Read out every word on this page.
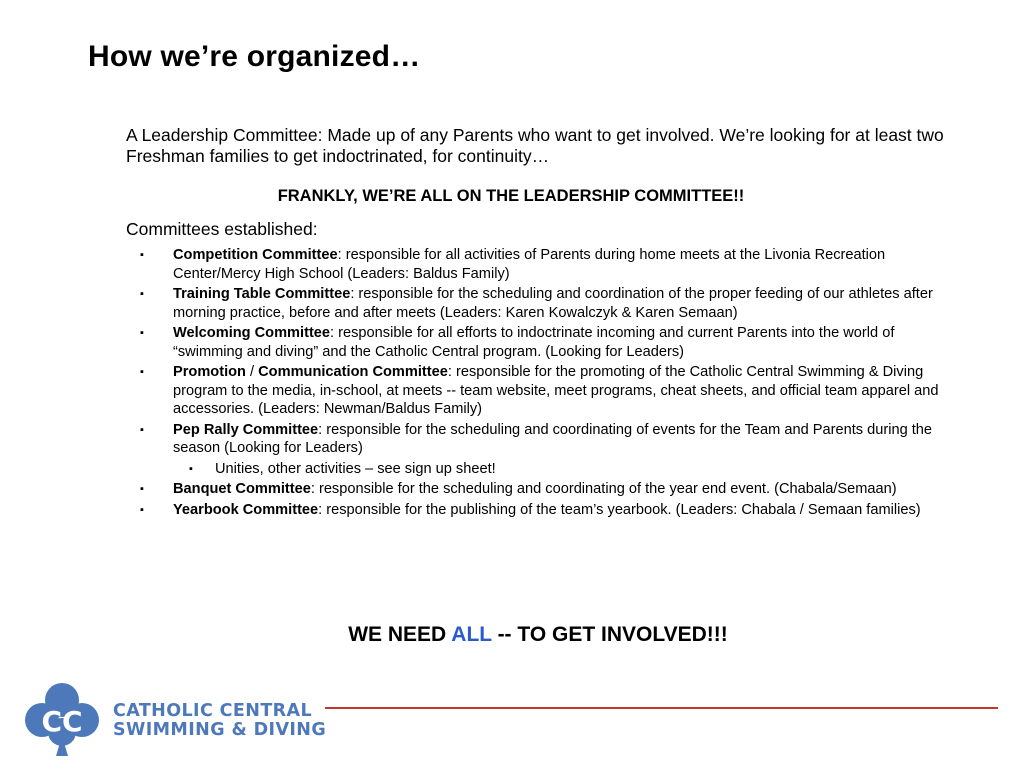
How we’re organized…
A Leadership Committee: Made up of any Parents who want to get involved. We’re looking for at least two Freshman families to get indoctrinated, for continuity…
FRANKLY, WE’RE ALL ON THE LEADERSHIP COMMITTEE!!
Committees established:
▪ Competition Committee: responsible for all activities of Parents during home meets at the Livonia Recreation Center/Mercy High School (Leaders: Baldus Family)
▪ Training Table Committee: responsible for the scheduling and coordination of the proper feeding of our athletes after morning practice, before and after meets (Leaders: Karen Kowalczyk & Karen Semaan)
▪ Welcoming Committee: responsible for all efforts to indoctrinate incoming and current Parents into the world of “swimming and diving” and the Catholic Central program. (Looking for Leaders)
▪ Promotion / Communication Committee: responsible for the promoting of the Catholic Central Swimming & Diving program to the media, in-school, at meets -- team website, meet programs, cheat sheets, and official team apparel and accessories. (Leaders: Newman/Baldus Family)
▪ Pep Rally Committee: responsible for the scheduling and coordinating of events for the Team and Parents during the season (Looking for Leaders)
▪ Unities, other activities – see sign up sheet!
▪ Banquet Committee: responsible for the scheduling and coordinating of the year end event. (Chabala/Semaan)
▪ Yearbook Committee: responsible for the publishing of the team’s yearbook. (Leaders: Chabala / Semaan families)
WE NEED ALL -- TO GET INVOLVED!!!
CC CATHOLIC CENTRAL
SWIMMING & DIVING
